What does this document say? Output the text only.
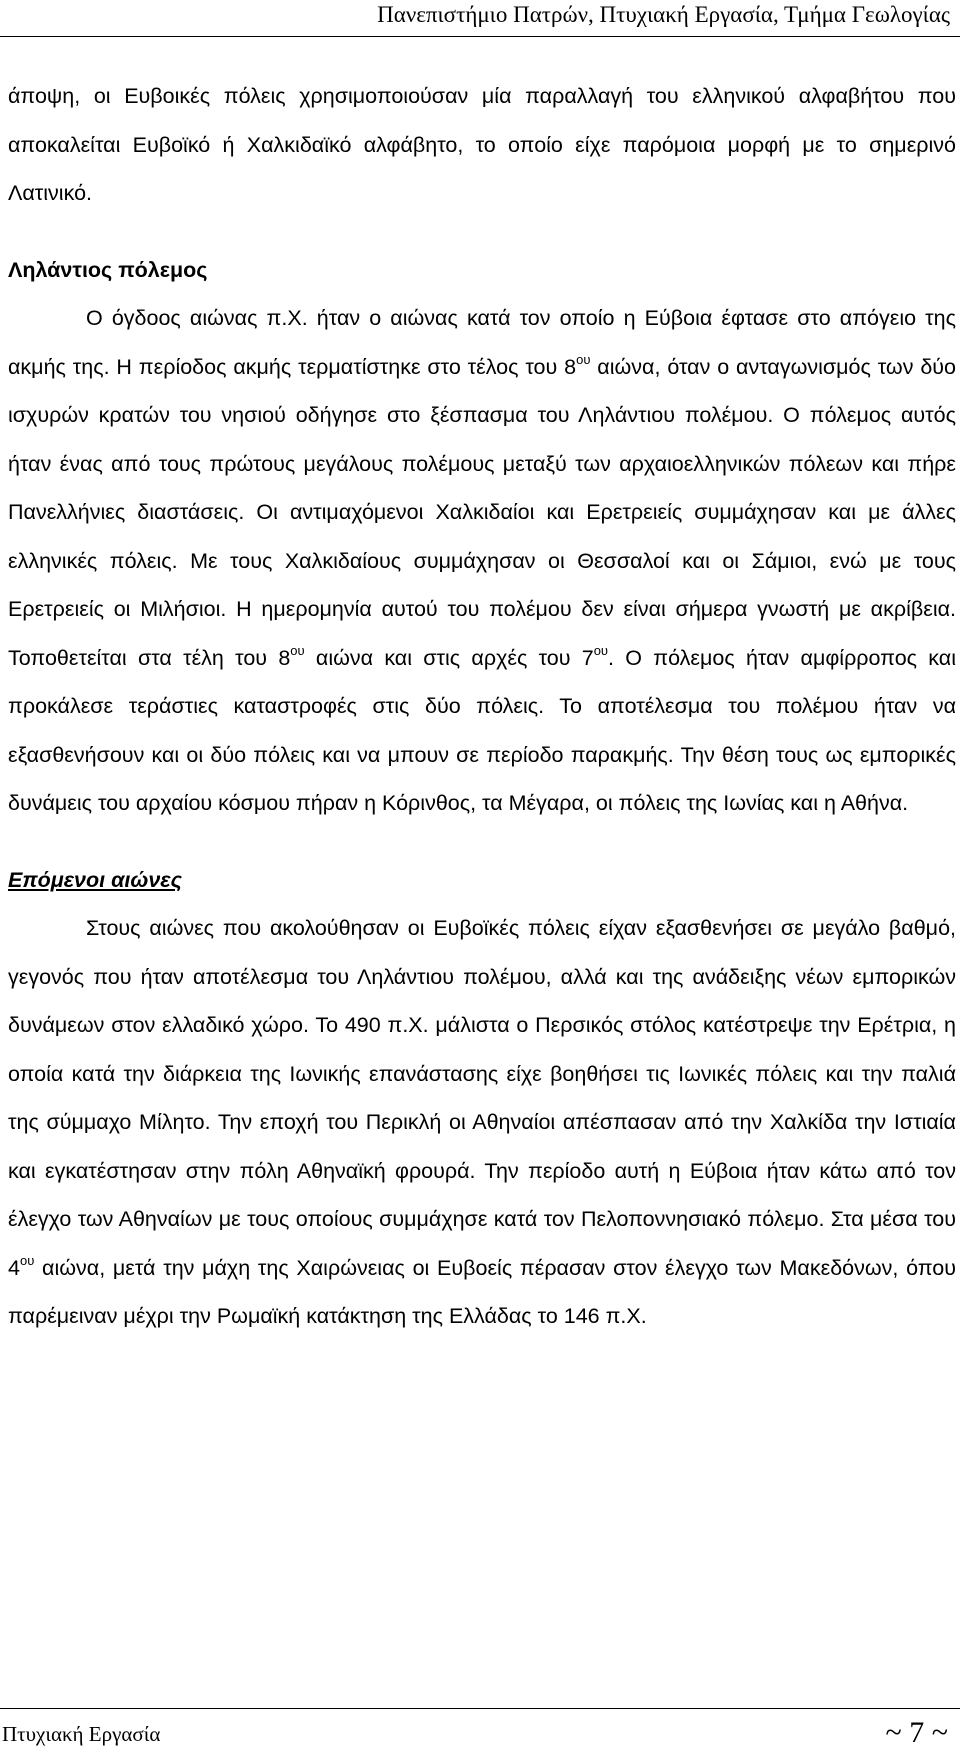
Πανεπιστήμιο Πατρών, Πτυχιακή Εργασία, Τμήμα Γεωλογίας

άποψη, οι Ευβοικές πόλεις χρησιμοποιούσαν μία παραλλαγή του ελληνικού αλφαβήτου που αποκαλείται Ευβοϊκό ή Χαλκιδαϊκό αλφάβητο, το οποίο είχε παρόμοια μορφή με το σημερινό Λατινικό.

Ληλάντιος πόλεμος

Ο όγδοος αιώνας π.Χ. ήταν ο αιώνας κατά τον οποίο η Εύβοια έφτασε στο απόγειο της ακμής της. Η περίοδος ακμής τερματίστηκε στο τέλος του $8^{o\upsilon}$ αιώνα, όταν ο ανταγωνισμός των δύο ισχυρών κρατών του νησιού οδήγησε στο ξέσπασμα του Ληλάντιου πολέμου. Ο πόλεμος αυτός ήταν ένας από τους πρώτους μεγάλους πολέμους μεταξύ των αρχαιοελληνικών πόλεων και πήρε Πανελλήνιες διαστάσεις. Οι αντιμαχόμενοι Χαλκιδαίοι και Ερετρειείς συμμάχησαν και με άλλες ελληνικές πόλεις. Με τους Χαλκιδαίους συμμάχησαν οι Θεσσαλοί και οι Σάμιοι, ενώ με τους Ερετρειείς οι Μιλήσιοι. Η ημερομηνία αυτού του πολέμου δεν είναι σήμερα γνωστή με ακρίβεια. Τοποθετείται στα τέλη του $8^{o\upsilon}$ αιώνα και στις αρχές του $7^{o\upsilon}$. Ο πόλεμος ήταν αμφίρροπος και προκάλεσε τεράστιες καταστροφές στις δύο πόλεις. Το αποτέλεσμα του πολέμου ήταν να εξασθενήσουν και οι δύο πόλεις και να μπουν σε περίοδο παρακμής. Την θέση τους ως εμπορικές δυνάμεις του αρχαίου κόσμου πήραν η Κόρινθος, τα Μέγαρα, οι πόλεις της Ιωνίας και η Αθήνα.

Επόμενοι αιώνες

Στους αιώνες που ακολούθησαν οι Ευβοϊκές πόλεις είχαν εξασθενήσει σε μεγάλο βαθμό, γεγονός που ήταν αποτέλεσμα του Ληλάντιου πολέμου, αλλά και της ανάδειξης νέων εμπορικών δυνάμεων στον ελλαδικό χώρο. Το 490 π.Χ. μάλιστα ο Περσικός στόλος κατέστρεψε την Ερέτρια, η οποία κατά την διάρκεια της Ιωνικής επανάστασης είχε βοηθήσει τις Ιωνικές πόλεις και την παλιά της σύμμαχο Μίλητο. Την εποχή του Περικλή οι Αθηναίοι απέσπασαν από την Χαλκίδα την Ιστιαία και εγκατέστησαν στην πόλη Αθηναϊκή φρουρά. Την περίοδο αυτή η Εύβοια ήταν κάτω από τον έλεγχο των Αθηναίων με τους οποίους συμμάχησε κατά τον Πελοποννησιακό πόλεμο. Στα μέσα του $4^{o\upsilon}$ αιώνα, μετά την μάχη της Χαιρώνειας οι Ευβοείς πέρασαν στον έλεγχο των Μακεδόνων, όπου παρέμειναν μέχρι την Ρωμαϊκή κατάκτηση της Ελλάδας το 146 π.Χ.

Πτυχιακή Εργασία	~ 7 ~
